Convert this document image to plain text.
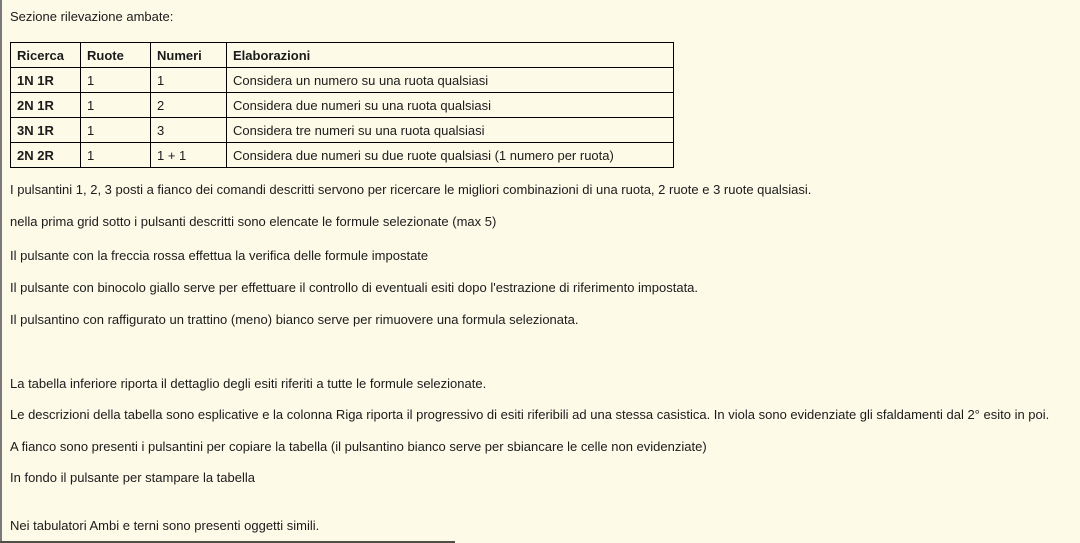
Sezione rilevazione ambate:

Ricerca	Ruote	Numeri	Elaborazioni
1N 1R	1	1	Considera un numero su una ruota qualsiasi
2N 1R	1	2	Considera due numeri su una ruota qualsiasi
3N 1R	1	3	Considera tre numeri su una ruota qualsiasi
2N 2R	1	1 + 1	Considera due numeri su due ruote qualsiasi (1 numero per ruota)

I pulsantini 1, 2, 3 posti a fianco dei comandi descritti servono per ricercare le migliori combinazioni di una ruota, 2 ruote e 3 ruote qualsiasi.

nella prima grid sotto i pulsanti descritti sono elencate le formule selezionate (max 5)

Il pulsante con la freccia rossa effettua la verifica delle formule impostate

Il pulsante con binocolo giallo serve per effettuare il controllo di eventuali esiti dopo l'estrazione di riferimento impostata.

Il pulsantino con raffigurato un trattino (meno) bianco serve per rimuovere una formula selezionata.

La tabella inferiore riporta il dettaglio degli esiti riferiti a tutte le formule selezionate.

Le descrizioni della tabella sono esplicative e la colonna Riga riporta il progressivo di esiti riferibili ad una stessa casistica. In viola sono evidenziate gli sfaldamenti dal 2° esito in poi.

A fianco sono presenti i pulsantini per copiare la tabella (il pulsantino bianco serve per sbiancare le celle non evidenziate)

In fondo il pulsante per stampare la tabella

Nei tabulatori Ambi e terni sono presenti oggetti simili.
